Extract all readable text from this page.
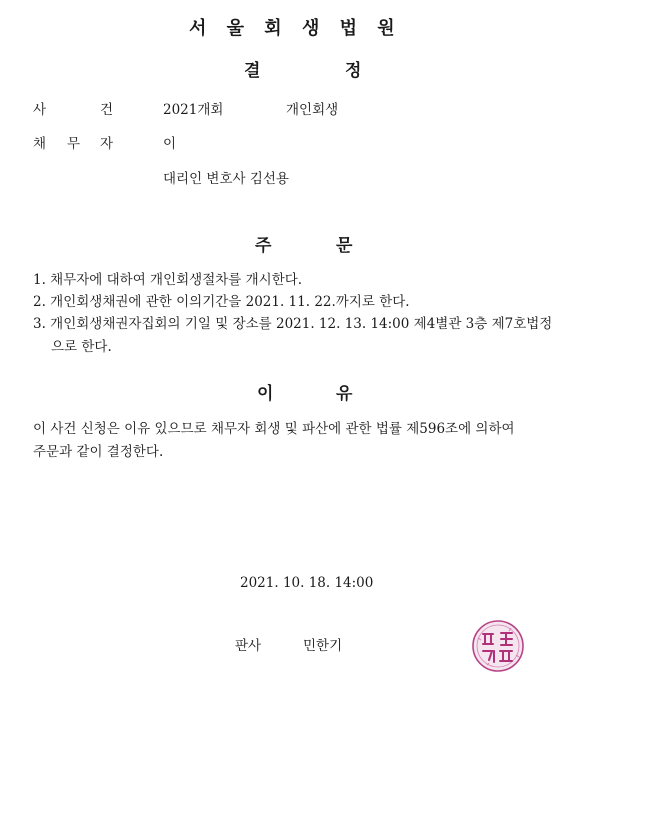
서 울 회 생 법 원
결	정
사	건	2021개회	개인회생
채 무 자	이
대리인 변호사 김선용
주	문
1. 채무자에 대하여 개인회생절차를 개시한다.
2. 개인회생채권에 관한 이의기간을 2021. 11. 22.까지로 한다.
3. 개인회생채권자집회의 기일 및 장소를 2021. 12. 13. 14:00 제4별관 3층 제7호법정
으로 한다.
이	유
이 사건 신청은 이유 있으므로 채무자 회생 및 파산에 관한 법률 제596조에 의하여
주문과 같이 결정한다.
2021. 10. 18. 14:00
판사	민한기
